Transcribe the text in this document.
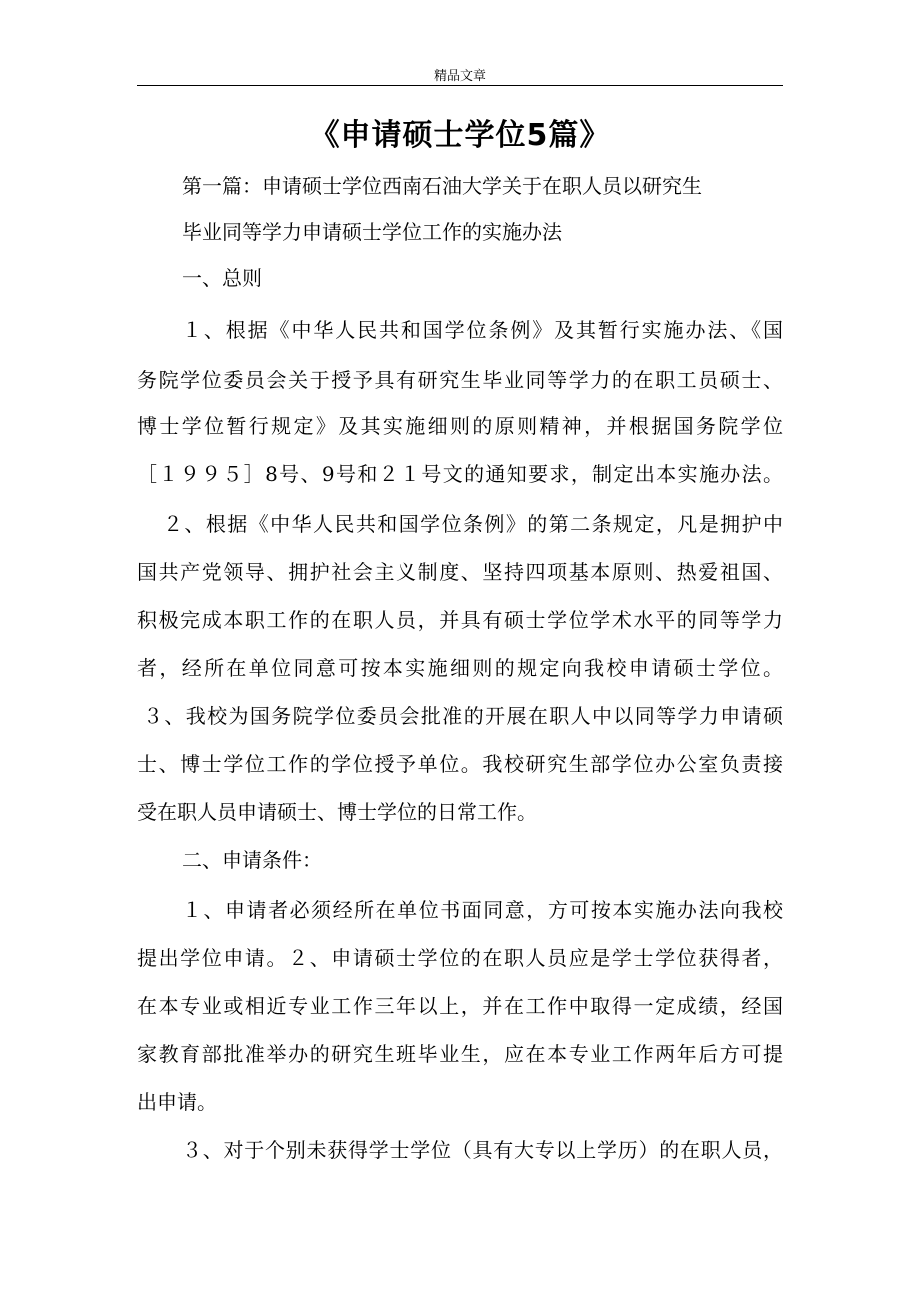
精品文章
《申请硕士学位5篇》
第一篇：申请硕士学位西南石油大学关于在职人员以研究生
毕业同等学力申请硕士学位工作的实施办法
一、总则
１、根据《中华人民共和国学位条例》及其暂行实施办法、《国
务院学位委员会关于授予具有研究生毕业同等学力的在职工员硕士、
博士学位暂行规定》及其实施细则的原则精神，并根据国务院学位
［１９９５］8号、9号和２１号文的通知要求，制定出本实施办法。
２、根据《中华人民共和国学位条例》的第二条规定，凡是拥护中
国共产党领导、拥护社会主义制度、坚持四项基本原则、热爱祖国、
积极完成本职工作的在职人员，并具有硕士学位学术水平的同等学力
者，经所在单位同意可按本实施细则的规定向我校申请硕士学位。
３、我校为国务院学位委员会批准的开展在职人中以同等学力申请硕
士、博士学位工作的学位授予单位。我校研究生部学位办公室负责接
受在职人员申请硕士、博士学位的日常工作。
二、申请条件：
１、申请者必须经所在单位书面同意，方可按本实施办法向我校
提出学位申请。２、申请硕士学位的在职人员应是学士学位获得者，
在本专业或相近专业工作三年以上，并在工作中取得一定成绩，经国
家教育部批准举办的研究生班毕业生，应在本专业工作两年后方可提
出申请。
３、对于个别未获得学士学位（具有大专以上学历）的在职人员，
